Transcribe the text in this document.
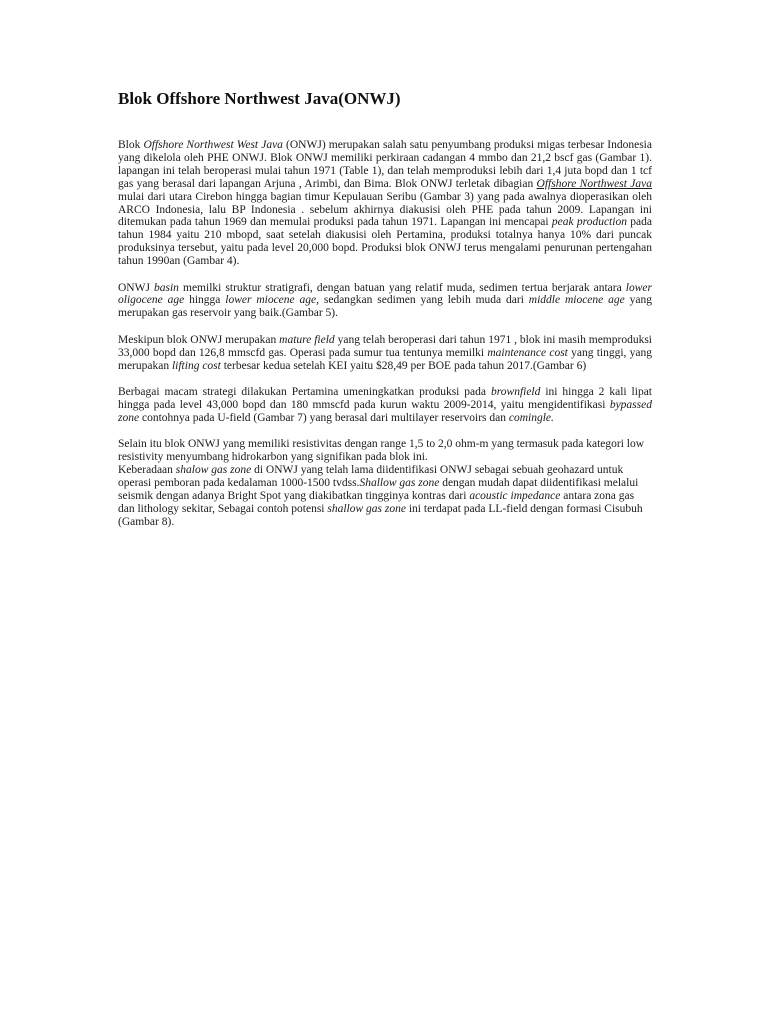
Blok Offshore Northwest Java(ONWJ)

Blok Offshore Northwest West Java (ONWJ) merupakan salah satu penyumbang produksi migas terbesar Indonesia yang dikelola oleh PHE ONWJ. Blok ONWJ memiliki perkiraan cadangan 4 mmbo dan 21,2 bscf gas (Gambar 1). lapangan ini telah beroperasi mulai tahun 1971 (Table 1), dan telah memproduksi lebih dari 1,4 juta bopd dan 1 tcf gas yang berasal dari lapangan Arjuna , Arimbi, dan Bima. Blok ONWJ terletak dibagian Offshore Northwest Java mulai dari utara Cirebon hingga bagian timur Kepulauan Seribu (Gambar 3) yang pada awalnya dioperasikan oleh ARCO Indonesia, lalu BP Indonesia . sebelum akhirnya diakusisi oleh PHE pada tahun 2009. Lapangan ini ditemukan pada tahun 1969 dan memulai produksi pada tahun 1971. Lapangan ini mencapai peak production pada tahun 1984 yaitu 210 mbopd, saat setelah diakusisi oleh Pertamina, produksi totalnya hanya 10% dari puncak produksinya tersebut, yaitu pada level 20,000 bopd. Produksi blok ONWJ terus mengalami penurunan pertengahan tahun 1990an (Gambar 4).

ONWJ basin memilki struktur stratigrafi, dengan batuan yang relatif muda, sedimen tertua berjarak antara lower oligocene age hingga lower miocene age, sedangkan sedimen yang lebih muda dari middle miocene age yang merupakan gas reservoir yang baik.(Gambar 5).

Meskipun blok ONWJ merupakan mature field yang telah beroperasi dari tahun 1971 , blok ini masih memproduksi 33,000 bopd dan 126,8 mmscfd gas. Operasi pada sumur tua tentunya memilki maintenance cost yang tinggi, yang merupakan lifting cost terbesar kedua setelah KEI yaitu $28,49 per BOE pada tahun 2017.(Gambar 6)

Berbagai macam strategi dilakukan Pertamina umeningkatkan produksi pada brownfield ini hingga 2 kali lipat hingga pada level 43,000 bopd dan 180 mmscfd pada kurun waktu 2009-2014, yaitu mengidentifikasi bypassed zone contohnya pada U-field (Gambar 7) yang berasal dari multilayer reservoirs dan comingle.

Selain itu blok ONWJ yang memiliki resistivitas dengan range 1,5 to 2,0 ohm-m yang termasuk pada kategori low resistivity menyumbang hidrokarbon yang signifikan pada blok ini.

Keberadaan shalow gas zone di ONWJ yang telah lama diidentifikasi ONWJ sebagai sebuah geohazard untuk operasi pemboran pada kedalaman 1000-1500 tvdss.Shallow gas zone dengan mudah dapat diidentifikasi melalui seismik dengan adanya Bright Spot yang diakibatkan tingginya kontras dari acoustic impedance antara zona gas dan lithology sekitar, Sebagai contoh potensi shallow gas zone ini terdapat pada LL-field dengan formasi Cisubuh (Gambar 8).
